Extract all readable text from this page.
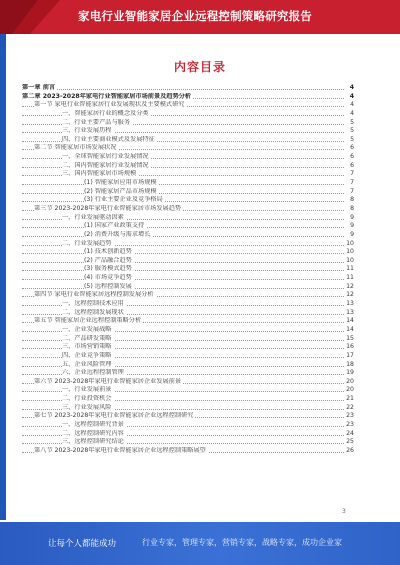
家电行业智能家居企业远程控制策略研究报告
内容目录
第一章 前言	4
第二章 2023-2028年家电行业智能家居市场前景及趋势分析	4
第一节 家电行业智能家居行业发展现状及主要模式研究	4
一、智能家居行业的概念及分类	4
二、行业主要产品与服务	5
三、行业发展历程	5
四、行业主要商业模式及发展特征	5
第二节 智能家居市场发展状况	6
一、全球智能家居行业发展情况	6
二、国内智能家居行业发展情况	6
三、国内智能家居市场规模	7
(1) 智能家居应用市场规模	7
(2) 智能家居产品市场规模	7
(3) 行业主要企业及竞争格局	8
第三节 2023-2028年家电行业智能家居市场发展趋势	8
一、行业发展驱动因素	9
(1) 国家产业政策支持	9
(2) 消费升级与需求增长	9
二、行业发展趋势	10
(1) 技术创新趋势	10
(2) 产品融合趋势	10
(3) 服务模式趋势	11
(4) 市场竞争趋势	11
(5) 远程控制发展	12
第四节 家电行业智能家居远程控制发展分析	12
一、远程控制技术应用	13
二、远程控制发展现状	13
第五节 智能家居企业远程控制策略分析	14
一、企业发展战略	14
二、产品研发策略	15
三、市场营销策略	16
四、企业竞争策略	17
五、企业风险管理	18
六、企业远程控制管理	19
第六节 2023-2028年家电行业智能家居企业发展前景	20
一、行业发展前景	20
二、行业投资机会	21
三、行业发展风险	22
第七节 2023-2028年家电行业智能家居企业远程控制研究	23
一、远程控制研究背景	23
二、远程控制研究内容	24
三、远程控制研究结论	25
第八节 2023-2028年家电行业智能家居企业远程控制策略展望	26
3
让每个人都能成功	行业专家，管理专家，营销专家，战略专家，成功企业家
